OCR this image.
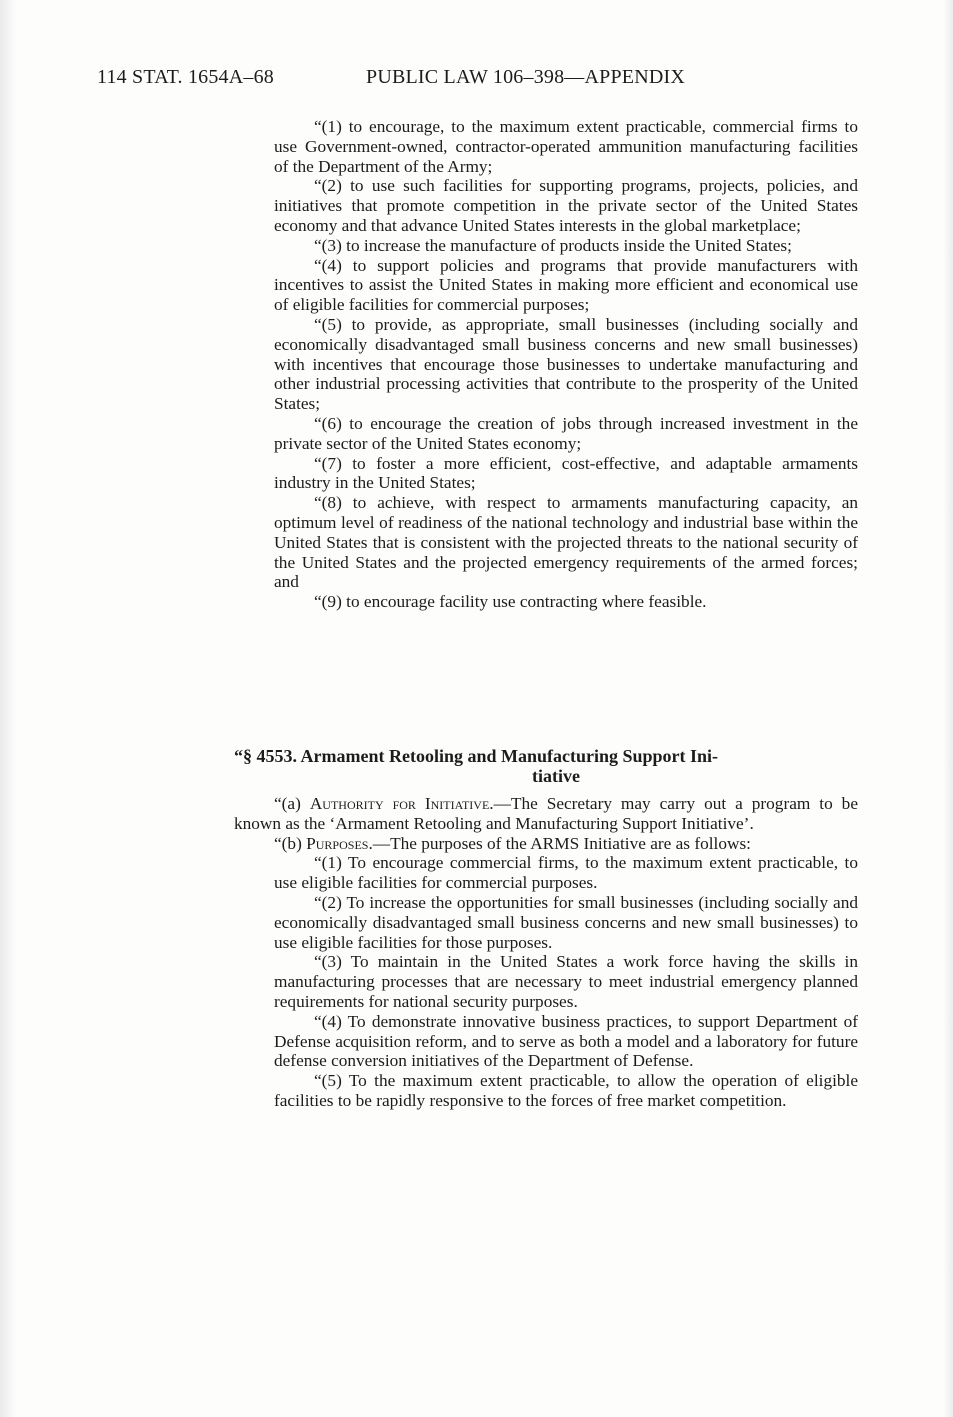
114 STAT. 1654A–68

	PUBLIC LAW 106–398—APPENDIX

“(1) to encourage, to the maximum extent practicable, commercial firms to use Government-owned, contractor-operated ammunition manufacturing facilities of the Department of the Army;

“(2) to use such facilities for supporting programs, projects, policies, and initiatives that promote competition in the private sector of the United States economy and that advance United States interests in the global marketplace;

“(3) to increase the manufacture of products inside the United States;

“(4) to support policies and programs that provide manufacturers with incentives to assist the United States in making more efficient and economical use of eligible facilities for commercial purposes;

“(5) to provide, as appropriate, small businesses (including socially and economically disadvantaged small business concerns and new small businesses) with incentives that encourage those businesses to undertake manufacturing and other industrial processing activities that contribute to the prosperity of the United States;

“(6) to encourage the creation of jobs through increased investment in the private sector of the United States economy;

“(7) to foster a more efficient, cost-effective, and adaptable armaments industry in the United States;

“(8) to achieve, with respect to armaments manufacturing capacity, an optimum level of readiness of the national technology and industrial base within the United States that is consistent with the projected threats to the national security of the United States and the projected emergency requirements of the armed forces; and

“(9) to encourage facility use contracting where feasible.

“§ 4553. Armament Retooling and Manufacturing Support Ini-
tiative

“(a) Authority for Initiative.—The Secretary may carry out a program to be known as the ‘Armament Retooling and Manufacturing Support Initiative’.

“(b) Purposes.—The purposes of the ARMS Initiative are as follows:

“(1) To encourage commercial firms, to the maximum extent practicable, to use eligible facilities for commercial purposes.

“(2) To increase the opportunities for small businesses (including socially and economically disadvantaged small business concerns and new small businesses) to use eligible facilities for those purposes.

“(3) To maintain in the United States a work force having the skills in manufacturing processes that are necessary to meet industrial emergency planned requirements for national security purposes.

“(4) To demonstrate innovative business practices, to support Department of Defense acquisition reform, and to serve as both a model and a laboratory for future defense conversion initiatives of the Department of Defense.

“(5) To the maximum extent practicable, to allow the operation of eligible facilities to be rapidly responsive to the forces of free market competition.
